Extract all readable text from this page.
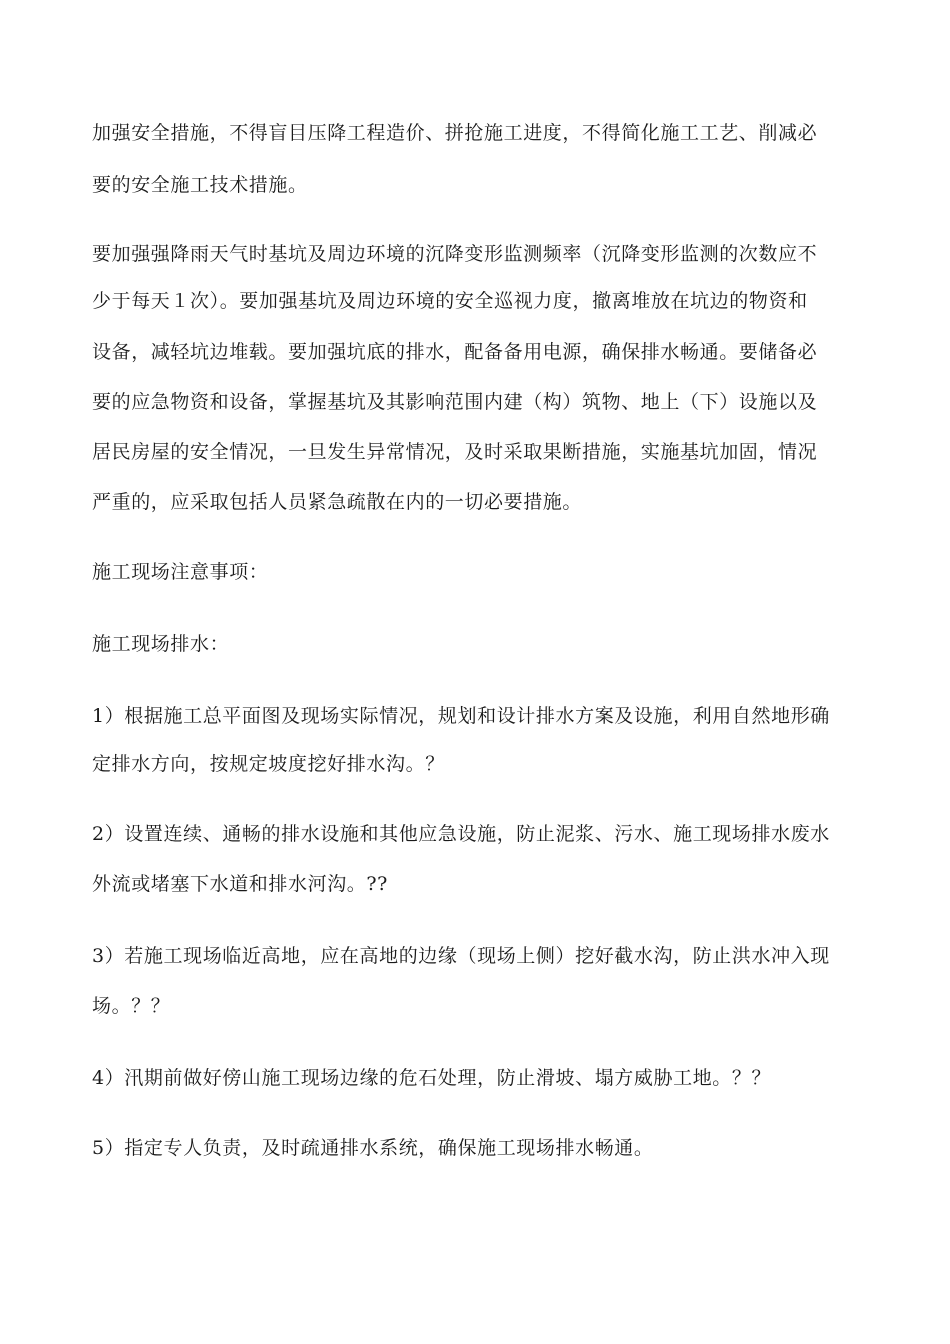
加强安全措施，不得盲目压降工程造价、拼抢施工进度，不得简化施工工艺、削减必
要的安全施工技术措施。
要加强强降雨天气时基坑及周边环境的沉降变形监测频率（沉降变形监测的次数应不
少于每天１次）。要加强基坑及周边环境的安全巡视力度，撤离堆放在坑边的物资和
设备，减轻坑边堆载。要加强坑底的排水，配备备用电源，确保排水畅通。要储备必
要的应急物资和设备，掌握基坑及其影响范围内建（构）筑物、地上（下）设施以及
居民房屋的安全情况，一旦发生异常情况，及时采取果断措施，实施基坑加固，情况
严重的，应采取包括人员紧急疏散在内的一切必要措施。
施工现场注意事项：
施工现场排水：
1）根据施工总平面图及现场实际情况，规划和设计排水方案及设施，利用自然地形确
定排水方向，按规定坡度挖好排水沟。？
2）设置连续、通畅的排水设施和其他应急设施，防止泥浆、污水、施工现场排水废水
外流或堵塞下水道和排水河沟。??
3）若施工现场临近高地，应在高地的边缘（现场上侧）挖好截水沟，防止洪水冲入现
场。？？
4）汛期前做好傍山施工现场边缘的危石处理，防止滑坡、塌方威胁工地。？？
5）指定专人负责，及时疏通排水系统，确保施工现场排水畅通。
